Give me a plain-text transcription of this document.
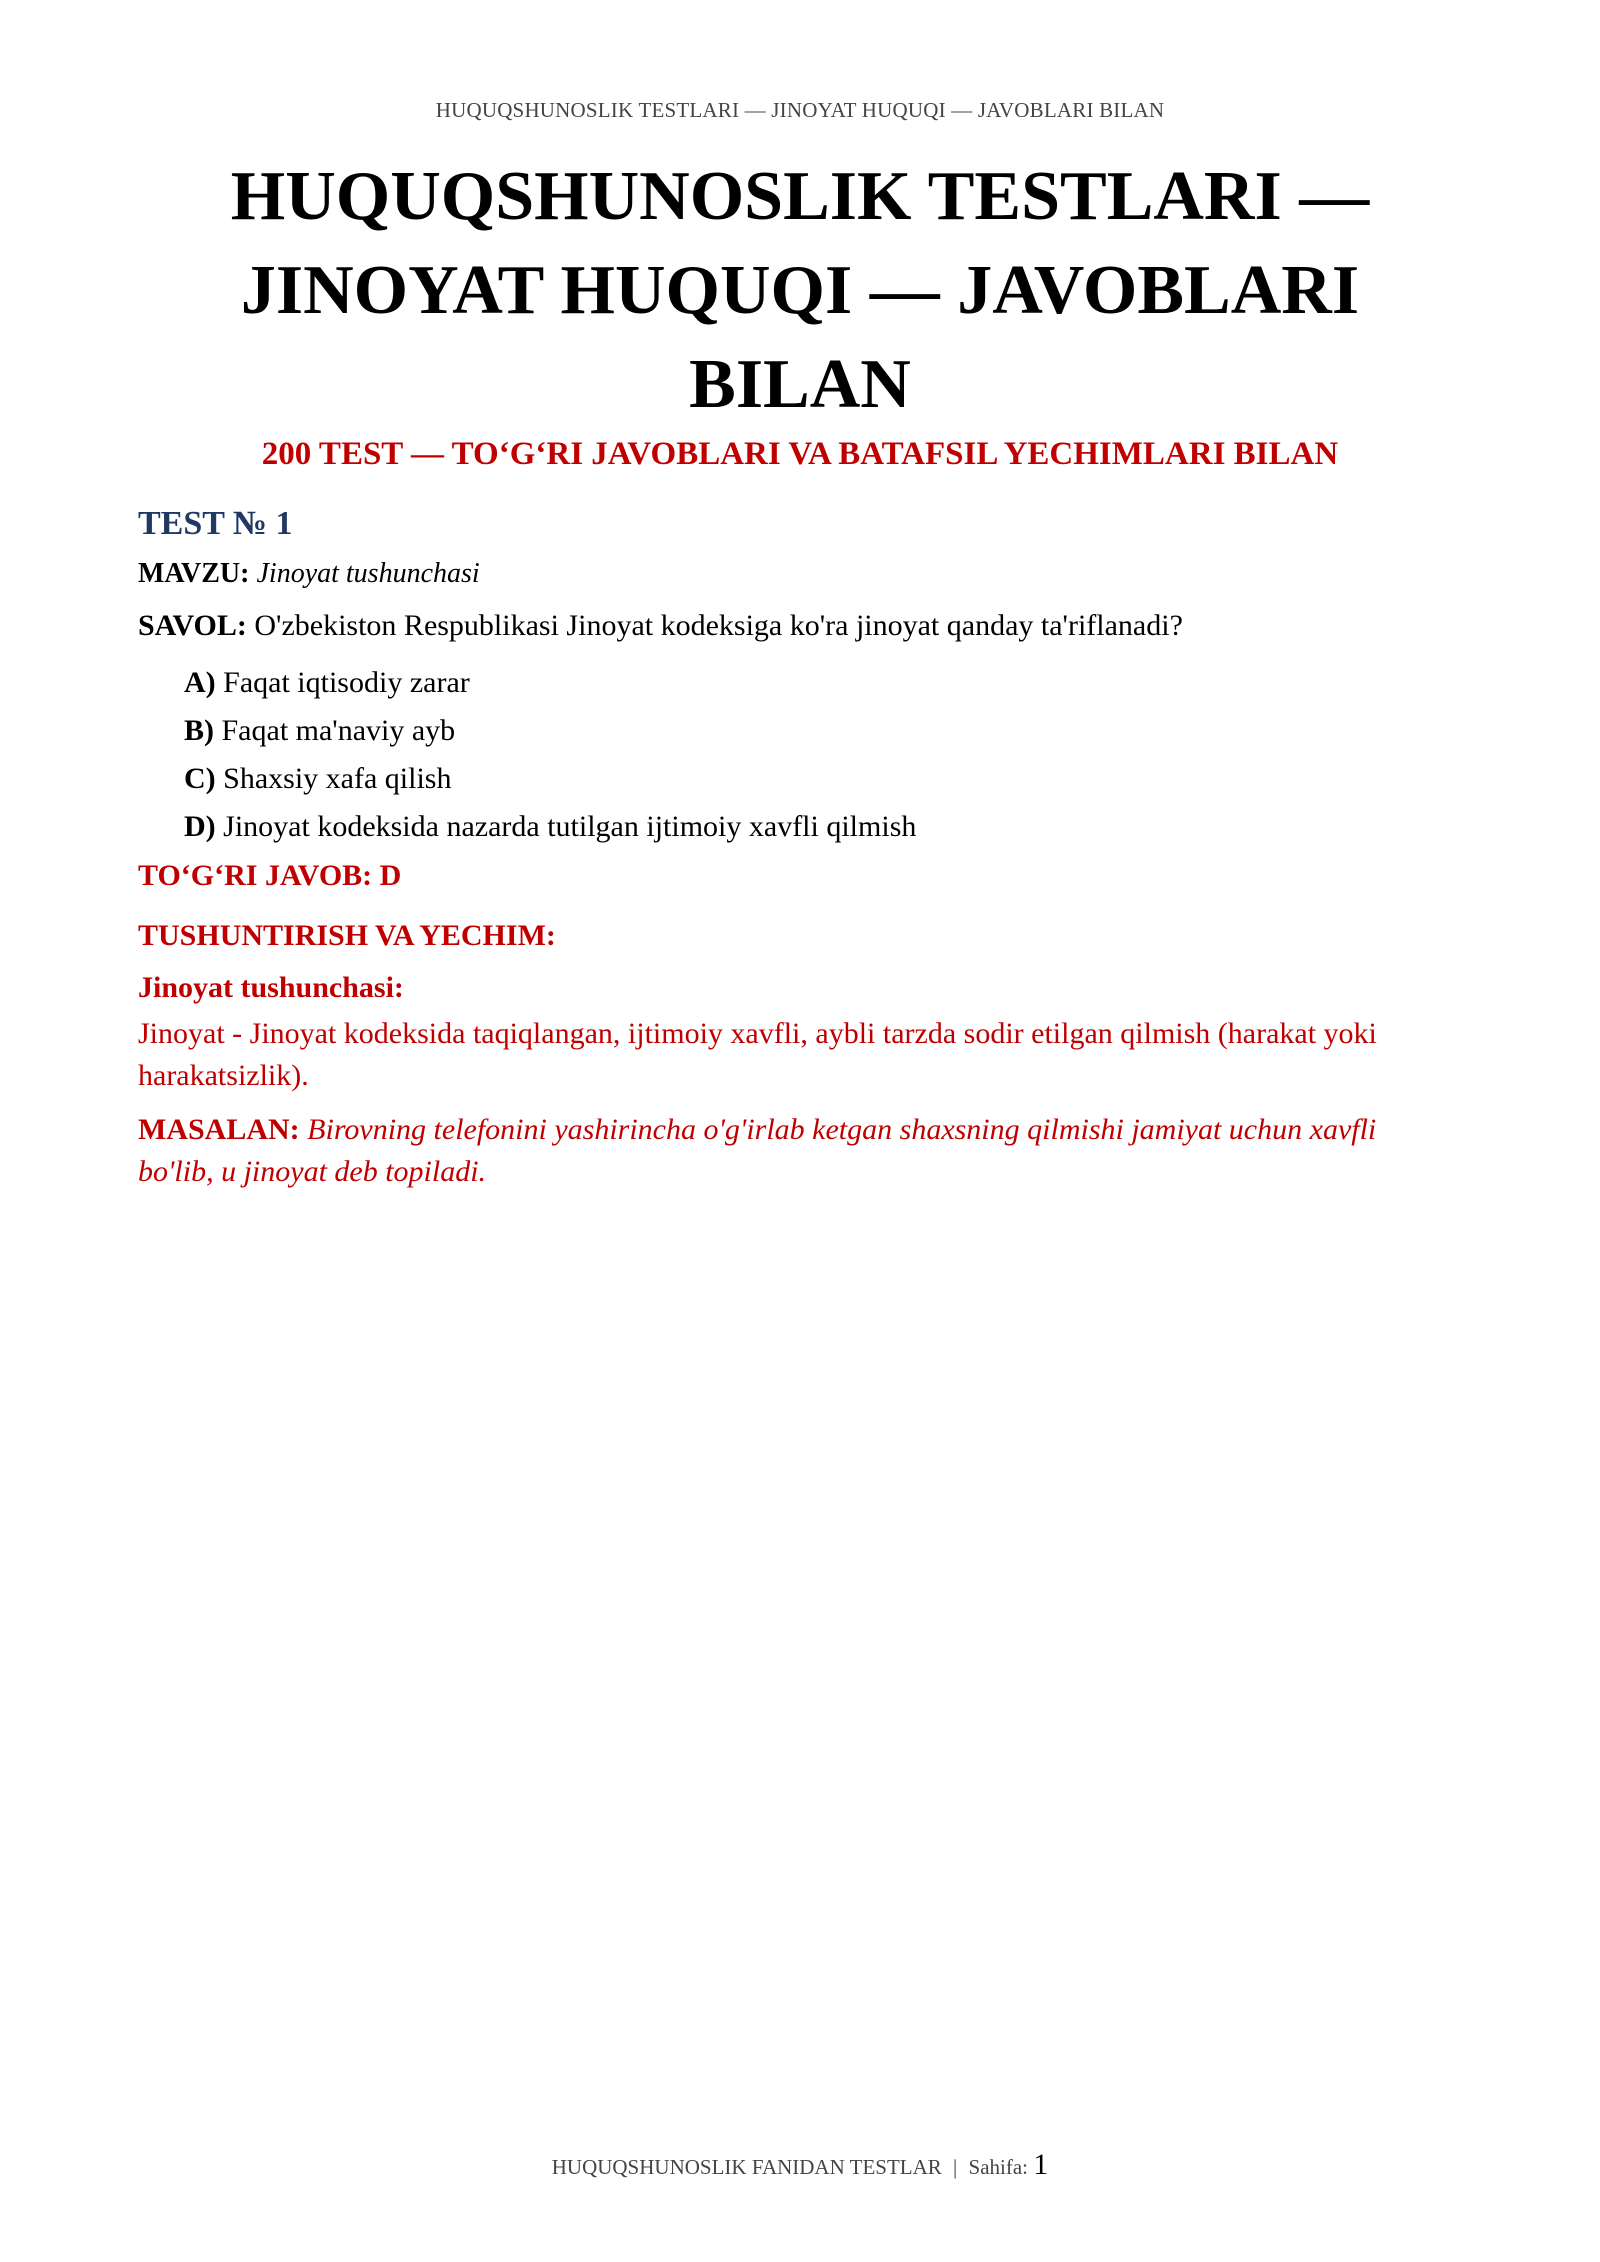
HUQUQSHUNOSLIK TESTLARI — JINOYAT HUQUQI — JAVOBLARI BILAN
HUQUQSHUNOSLIK TESTLARI — JINOYAT HUQUQI — JAVOBLARI BILAN
200 TEST — TO‘G‘RI JAVOBLARI VA BATAFSIL YECHIMLARI BILAN
TEST № 1
MAVZU: Jinoyat tushunchasi
SAVOL: O'zbekiston Respublikasi Jinoyat kodeksiga ko'ra jinoyat qanday ta'riflanadi?
A) Faqat iqtisodiy zarar
B) Faqat ma'naviy ayb
C) Shaxsiy xafa qilish
D) Jinoyat kodeksida nazarda tutilgan ijtimoiy xavfli qilmish
TO‘G‘RI JAVOB: D
TUSHUNTIRISH VA YECHIM:
Jinoyat tushunchasi:
Jinoyat - Jinoyat kodeksida taqiqlangan, ijtimoiy xavfli, aybli tarzda sodir etilgan qilmish (harakat yoki harakatsizlik).
MASALAN: Birovning telefonini yashirincha o'g'irlab ketgan shaxsning qilmishi jamiyat uchun xavfli bo'lib, u jinoyat deb topiladi.
HUQUQSHUNOSLIK FANIDAN TESTLAR | Sahifa: 1
